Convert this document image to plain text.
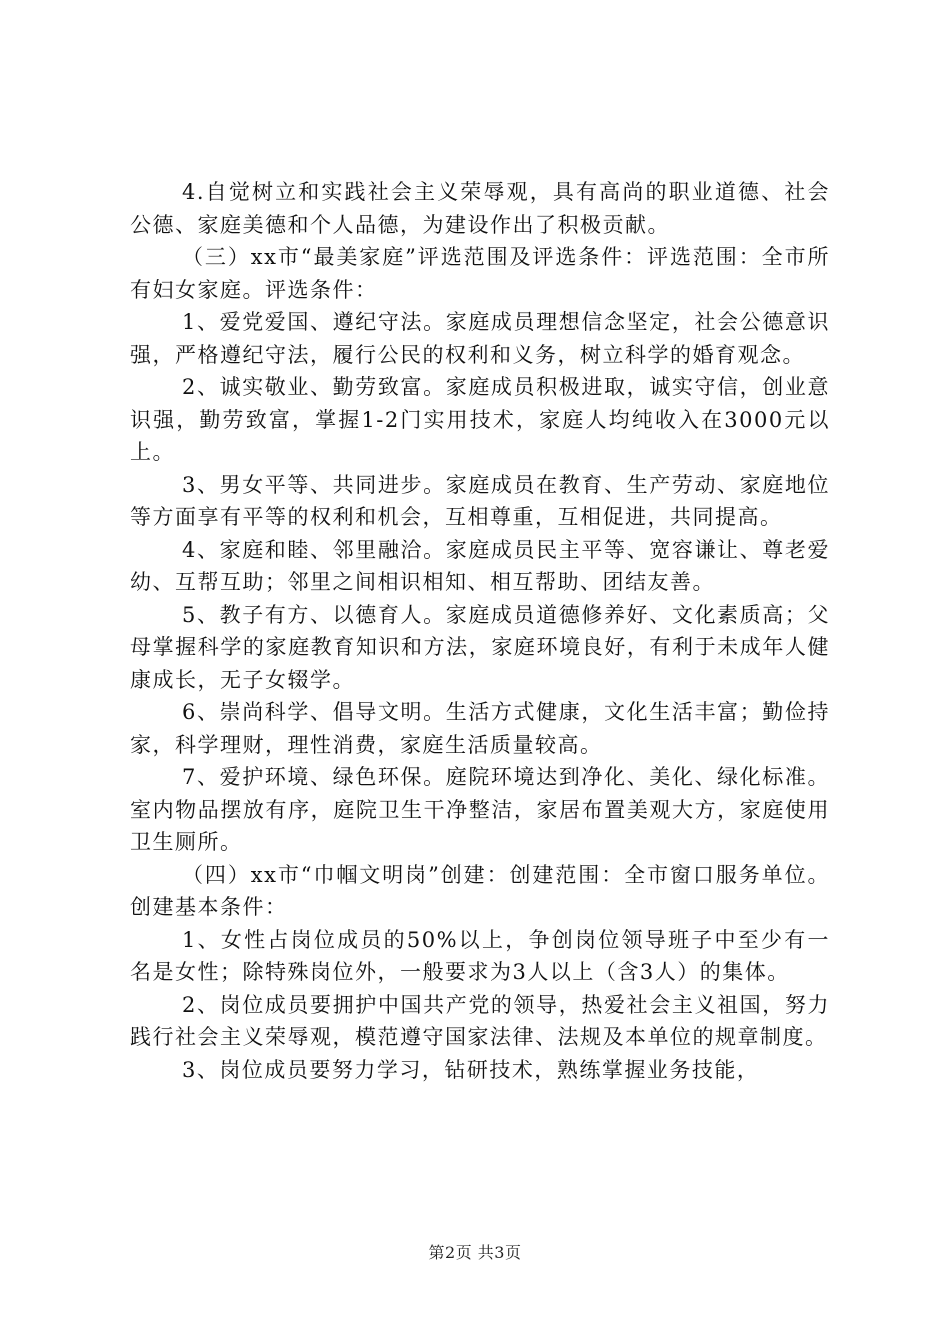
4.自觉树立和实践社会主义荣辱观，具有高尚的职业道德、社会公德、家庭美德和个人品德，为建设作出了积极贡献。

（三）xx市“最美家庭”评选范围及评选条件：评选范围：全市所有妇女家庭。评选条件：

1、爱党爱国、遵纪守法。家庭成员理想信念坚定，社会公德意识强，严格遵纪守法，履行公民的权利和义务，树立科学的婚育观念。

2、诚实敬业、勤劳致富。家庭成员积极进取，诚实守信，创业意识强，勤劳致富，掌握1-2门实用技术，家庭人均纯收入在3000元以上。

3、男女平等、共同进步。家庭成员在教育、生产劳动、家庭地位等方面享有平等的权利和机会，互相尊重，互相促进，共同提高。

4、家庭和睦、邻里融洽。家庭成员民主平等、宽容谦让、尊老爱幼、互帮互助；邻里之间相识相知、相互帮助、团结友善。

5、教子有方、以德育人。家庭成员道德修养好、文化素质高；父母掌握科学的家庭教育知识和方法，家庭环境良好，有利于未成年人健康成长，无子女辍学。

6、崇尚科学、倡导文明。生活方式健康，文化生活丰富；勤俭持家，科学理财，理性消费，家庭生活质量较高。

7、爱护环境、绿色环保。庭院环境达到净化、美化、绿化标准。室内物品摆放有序，庭院卫生干净整洁，家居布置美观大方，家庭使用卫生厕所。

（四）xx市“巾帼文明岗”创建：创建范围：全市窗口服务单位。创建基本条件：

1、女性占岗位成员的50%以上，争创岗位领导班子中至少有一名是女性；除特殊岗位外，一般要求为3人以上（含3人）的集体。

2、岗位成员要拥护中国共产党的领导，热爱社会主义祖国，努力践行社会主义荣辱观，模范遵守国家法律、法规及本单位的规章制度。

3、岗位成员要努力学习，钻研技术，熟练掌握业务技能，

第2页 共3页
